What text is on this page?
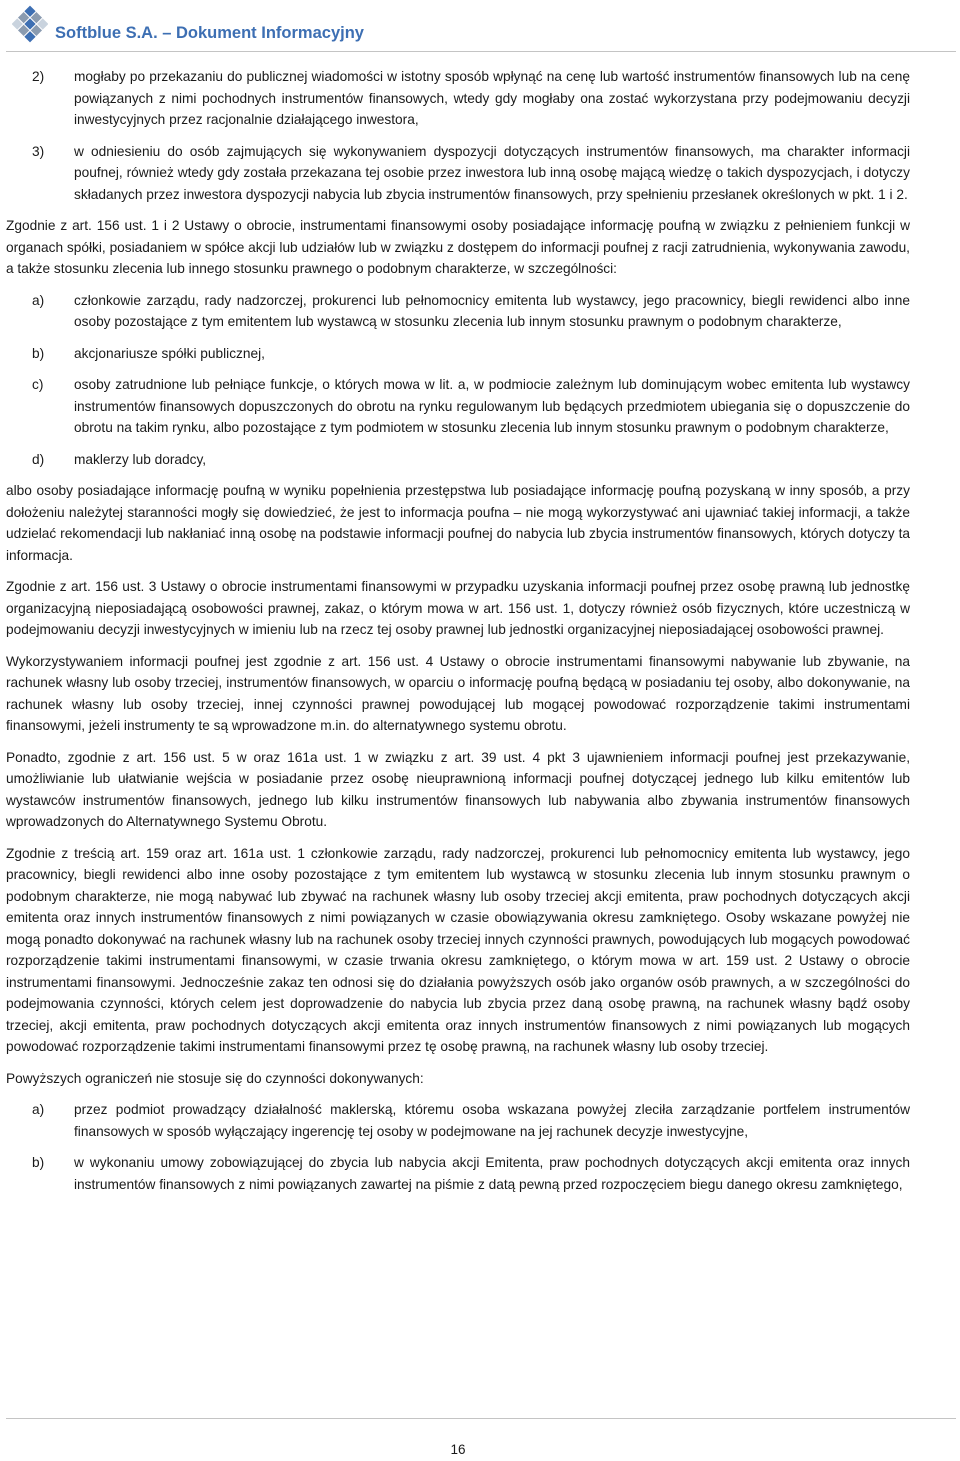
Softblue S.A. – Dokument Informacyjny
2)	mogłaby po przekazaniu do publicznej wiadomości w istotny sposób wpłynąć na cenę lub wartość instrumentów finansowych lub na cenę powiązanych z nimi pochodnych instrumentów finansowych, wtedy gdy mogłaby ona zostać wykorzystana przy podejmowaniu decyzji inwestycyjnych przez racjonalnie działającego inwestora,
3)	w odniesieniu do osób zajmujących się wykonywaniem dyspozycji dotyczących instrumentów finansowych, ma charakter informacji poufnej, również wtedy gdy została przekazana tej osobie przez inwestora lub inną osobę mającą wiedzę o takich dyspozycjach, i dotyczy składanych przez inwestora dyspozycji nabycia lub zbycia instrumentów finansowych, przy spełnieniu przesłanek określonych w pkt. 1 i 2.

Zgodnie z art. 156 ust. 1 i 2 Ustawy o obrocie, instrumentami finansowymi osoby posiadające informację poufną w związku z pełnieniem funkcji w organach spółki, posiadaniem w spółce akcji lub udziałów lub w związku z dostępem do informacji poufnej z racji zatrudnienia, wykonywania zawodu, a także stosunku zlecenia lub innego stosunku prawnego o podobnym charakterze, w szczególności:

a)	członkowie zarządu, rady nadzorczej, prokurenci lub pełnomocnicy emitenta lub wystawcy, jego pracownicy, biegli rewidenci albo inne osoby pozostające z tym emitentem lub wystawcą w stosunku zlecenia lub innym stosunku prawnym o podobnym charakterze,
b)	akcjonariusze spółki publicznej,
c)	osoby zatrudnione lub pełniące funkcje, o których mowa w lit. a, w podmiocie zależnym lub dominującym wobec emitenta lub wystawcy instrumentów finansowych dopuszczonych do obrotu na rynku regulowanym lub będących przedmiotem ubiegania się o dopuszczenie do obrotu na takim rynku, albo pozostające z tym podmiotem w stosunku zlecenia lub innym stosunku prawnym o podobnym charakterze,
d)	maklerzy lub doradcy,

albo osoby posiadające informację poufną w wyniku popełnienia przestępstwa lub posiadające informację poufną pozyskaną w inny sposób, a przy dołożeniu należytej staranności mogły się dowiedzieć, że jest to informacja poufna – nie mogą wykorzystywać ani ujawniać takiej informacji, a także udzielać rekomendacji lub nakłaniać inną osobę na podstawie informacji poufnej do nabycia lub zbycia instrumentów finansowych, których dotyczy ta informacja.

Zgodnie z art. 156 ust. 3 Ustawy o obrocie instrumentami finansowymi w przypadku uzyskania informacji poufnej przez osobę prawną lub jednostkę organizacyjną nieposiadającą osobowości prawnej, zakaz, o którym mowa w art. 156 ust. 1, dotyczy również osób fizycznych, które uczestniczą w podejmowaniu decyzji inwestycyjnych w imieniu lub na rzecz tej osoby prawnej lub jednostki organizacyjnej nieposiadającej osobowości prawnej.

Wykorzystywaniem informacji poufnej jest zgodnie z art. 156 ust. 4 Ustawy o obrocie instrumentami finansowymi nabywanie lub zbywanie, na rachunek własny lub osoby trzeciej, instrumentów finansowych, w oparciu o informację poufną będącą w posiadaniu tej osoby, albo dokonywanie, na rachunek własny lub osoby trzeciej, innej czynności prawnej powodującej lub mogącej powodować rozporządzenie takimi instrumentami finansowymi, jeżeli instrumenty te są wprowadzone m.in. do alternatywnego systemu obrotu.

Ponadto, zgodnie z art. 156 ust. 5 w oraz 161a ust. 1 w związku z art. 39 ust. 4 pkt 3 ujawnieniem informacji poufnej jest przekazywanie, umożliwianie lub ułatwianie wejścia w posiadanie przez osobę nieuprawnioną informacji poufnej dotyczącej jednego lub kilku emitentów lub wystawców instrumentów finansowych, jednego lub kilku instrumentów finansowych lub nabywania albo zbywania instrumentów finansowych wprowadzonych do Alternatywnego Systemu Obrotu.

Zgodnie z treścią art. 159 oraz art. 161a ust. 1 członkowie zarządu, rady nadzorczej, prokurenci lub pełnomocnicy emitenta lub wystawcy, jego pracownicy, biegli rewidenci albo inne osoby pozostające z tym emitentem lub wystawcą w stosunku zlecenia lub innym stosunku prawnym o podobnym charakterze, nie mogą nabywać lub zbywać na rachunek własny lub osoby trzeciej akcji emitenta, praw pochodnych dotyczących akcji emitenta oraz innych instrumentów finansowych z nimi powiązanych w czasie obowiązywania okresu zamkniętego. Osoby wskazane powyżej nie mogą ponadto dokonywać na rachunek własny lub na rachunek osoby trzeciej innych czynności prawnych, powodujących lub mogących powodować rozporządzenie takimi instrumentami finansowymi, w czasie trwania okresu zamkniętego, o którym mowa w art. 159 ust. 2 Ustawy o obrocie instrumentami finansowymi. Jednocześnie zakaz ten odnosi się do działania powyższych osób jako organów osób prawnych, a w szczególności do podejmowania czynności, których celem jest doprowadzenie do nabycia lub zbycia przez daną osobę prawną, na rachunek własny bądź osoby trzeciej, akcji emitenta, praw pochodnych dotyczących akcji emitenta oraz innych instrumentów finansowych z nimi powiązanych lub mogących powodować rozporządzenie takimi instrumentami finansowymi przez tę osobę prawną, na rachunek własny lub osoby trzeciej.

Powyższych ograniczeń nie stosuje się do czynności dokonywanych:

a)	przez podmiot prowadzący działalność maklerską, któremu osoba wskazana powyżej zleciła zarządzanie portfelem instrumentów finansowych w sposób wyłączający ingerencję tej osoby w podejmowane na jej rachunek decyzje inwestycyjne,
b)	w wykonaniu umowy zobowiązującej do zbycia lub nabycia akcji Emitenta, praw pochodnych dotyczących akcji emitenta oraz innych instrumentów finansowych z nimi powiązanych zawartej na piśmie z datą pewną przed rozpoczęciem biegu danego okresu zamkniętego,
16
